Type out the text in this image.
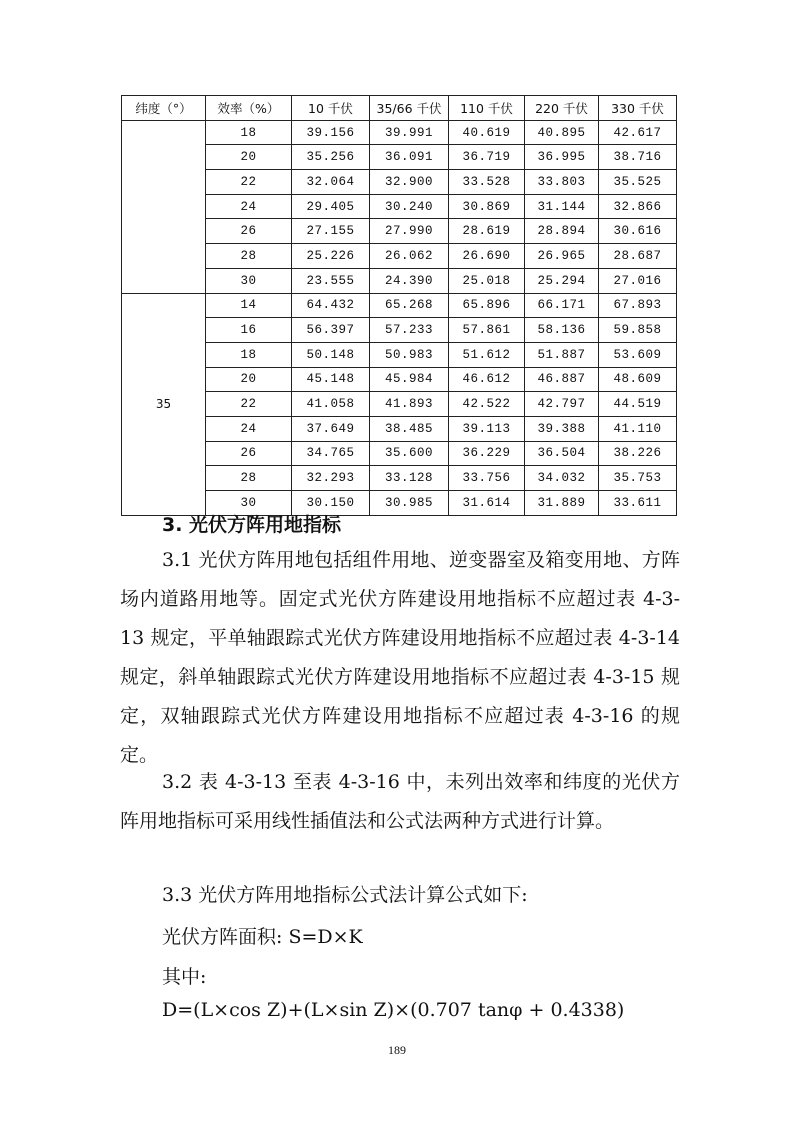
纬度（°）	效率（%）	10 千伏	35/66 千伏	110 千伏	220 千伏	330 千伏
	18	39.156	39.991	40.619	40.895	42.617
	20	35.256	36.091	36.719	36.995	38.716
	22	32.064	32.900	33.528	33.803	35.525
	24	29.405	30.240	30.869	31.144	32.866
	26	27.155	27.990	28.619	28.894	30.616
	28	25.226	26.062	26.690	26.965	28.687
	30	23.555	24.390	25.018	25.294	27.016
35	14	64.432	65.268	65.896	66.171	67.893
	16	56.397	57.233	57.861	58.136	59.858
	18	50.148	50.983	51.612	51.887	53.609
	20	45.148	45.984	46.612	46.887	48.609
	22	41.058	41.893	42.522	42.797	44.519
	24	37.649	38.485	39.113	39.388	41.110
	26	34.765	35.600	36.229	36.504	38.226
	28	32.293	33.128	33.756	34.032	35.753
	30	30.150	30.985	31.614	31.889	33.611
3. 光伏方阵用地指标

3.1 光伏方阵用地包括组件用地、逆变器室及箱变用地、方阵场内道路用地等。固定式光伏方阵建设用地指标不应超过表 4-3-13 规定，平单轴跟踪式光伏方阵建设用地指标不应超过表 4-3-14 规定，斜单轴跟踪式光伏方阵建设用地指标不应超过表 4-3-15 规定，双轴跟踪式光伏方阵建设用地指标不应超过表 4-3-16 的规定。

3.2 表 4-3-13 至表 4-3-16 中，未列出效率和纬度的光伏方阵用地指标可采用线性插值法和公式法两种方式进行计算。

3.3 光伏方阵用地指标公式法计算公式如下:

光伏方阵面积: S=D×K

其中:

D=(L×cos Z)+(L×sin Z)×(0.707 tanφ + 0.4338)

189
